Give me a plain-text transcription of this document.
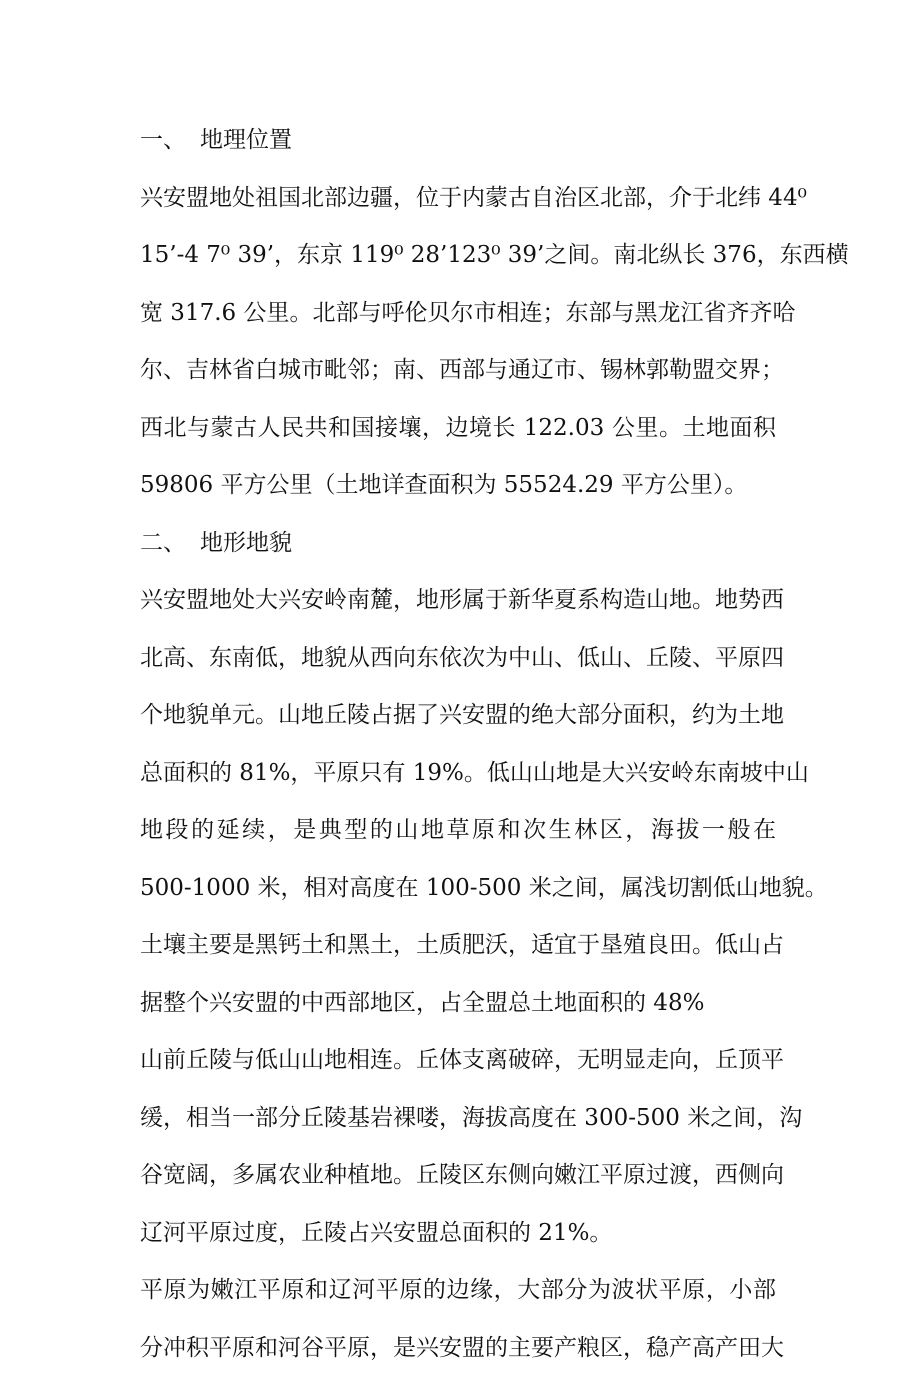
一、 地理位置
兴安盟地处祖国北部边疆，位于内蒙古自治区北部，介于北纬 44⁰
15’-4 7⁰ 39’，东京 119⁰ 28’123⁰ 39’之间。南北纵长 376，东西横
宽 317.6 公里。北部与呼伦贝尔市相连；东部与黑龙江省齐齐哈
尔、吉林省白城市毗邻；南、西部与通辽市、锡林郭勒盟交界；
西北与蒙古人民共和国接壤，边境长 122.03 公里。土地面积
59806 平方公里（土地详查面积为 55524.29 平方公里）。
二、 地形地貌
兴安盟地处大兴安岭南麓，地形属于新华夏系构造山地。地势西
北高、东南低，地貌从西向东依次为中山、低山、丘陵、平原四
个地貌单元。山地丘陵占据了兴安盟的绝大部分面积，约为土地
总面积的 81%，平原只有 19%。低山山地是大兴安岭东南坡中山
地段的延续，是典型的山地草原和次生林区，海拔一般在
500-1000 米，相对高度在 100-500 米之间，属浅切割低山地貌。
土壤主要是黑钙土和黑土，土质肥沃，适宜于垦殖良田。低山占
据整个兴安盟的中西部地区，占全盟总土地面积的 48%
山前丘陵与低山山地相连。丘体支离破碎，无明显走向，丘顶平
缓，相当一部分丘陵基岩裸喽，海拔高度在 300-500 米之间，沟
谷宽阔，多属农业种植地。丘陵区东侧向嫩江平原过渡，西侧向
辽河平原过度，丘陵占兴安盟总面积的 21%。
平原为嫩江平原和辽河平原的边缘，大部分为波状平原，小部
分冲积平原和河谷平原，是兴安盟的主要产粮区，稳产高产田大
